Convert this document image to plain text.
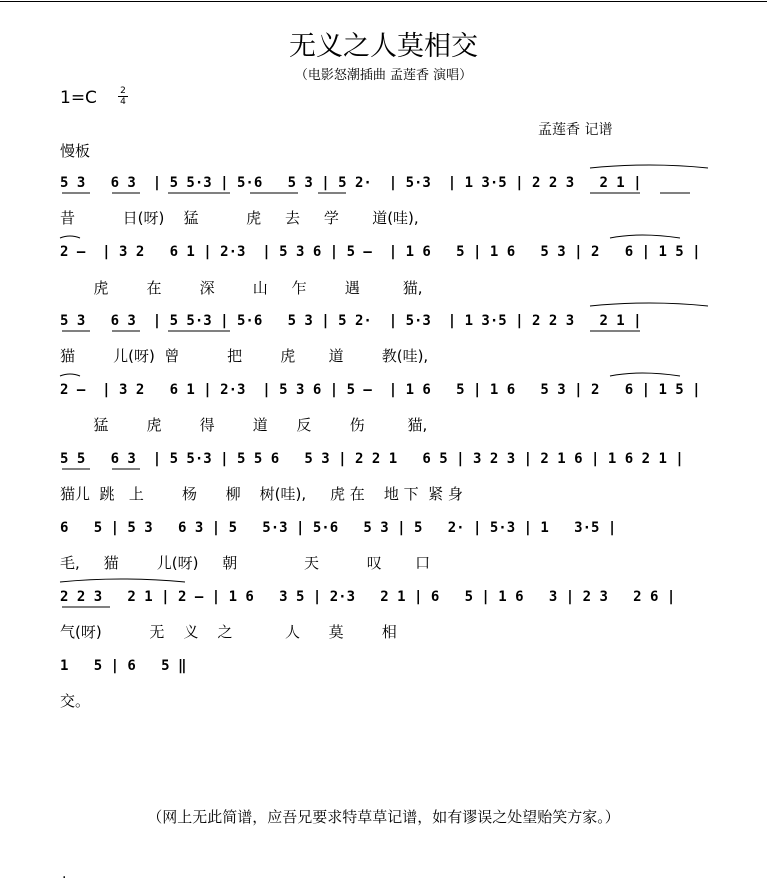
无义之人莫相交
（电影怒潮插曲 孟莲香 演唱）
1=C	2
4
孟莲香 记谱
慢板
5 3   6 3  | 5 5·3 | 5·6   5 3 | 5 2·  | 5·3  | 1 3·5 | 2 2 3   2 1 |
昔          日(呀)    猛          虎     去     学       道(哇),
2 —  | 3 2   6 1 | 2·3  | 5 3 6 | 5 —  | 1 6   5 | 1 6   5 3 | 2   6 | 1 5 |
虎        在        深        山     乍        遇         猫,
5 3   6 3  | 5 5·3 | 5·6   5 3 | 5 2·  | 5·3  | 1 3·5 | 2 2 3   2 1 |
猫        儿(呀)  曾          把        虎       道        教(哇),
2 —  | 3 2   6 1 | 2·3  | 5 3 6 | 5 —  | 1 6   5 | 1 6   5 3 | 2   6 | 1 5 |
猛        虎        得        道      反        伤         猫,
5 5   6 3  | 5 5·3 | 5 5 6   5 3 | 2 2 1   6 5 | 3 2 3 | 2 1 6 | 1 6 2 1 |
猫儿  跳   上        杨      柳    树(哇),     虎 在    地 下  紧 身
6   5 | 5 3   6 3 | 5   5·3 | 5·6   5 3 | 5   2· | 5·3 | 1   3·5 |
毛,     猫        儿(呀)     朝              天          叹       口
2 2 3   2 1 | 2 — | 1 6   3 5 | 2·3   2 1 | 6   5 | 1 6   3 | 2 3   2 6 |
气(呀)          无    义    之           人      莫        相
1   5 | 6   5 ‖
交。
（网上无此简谱，应吾兄要求特草草记谱，如有谬误之处望贻笑方家。）
.
